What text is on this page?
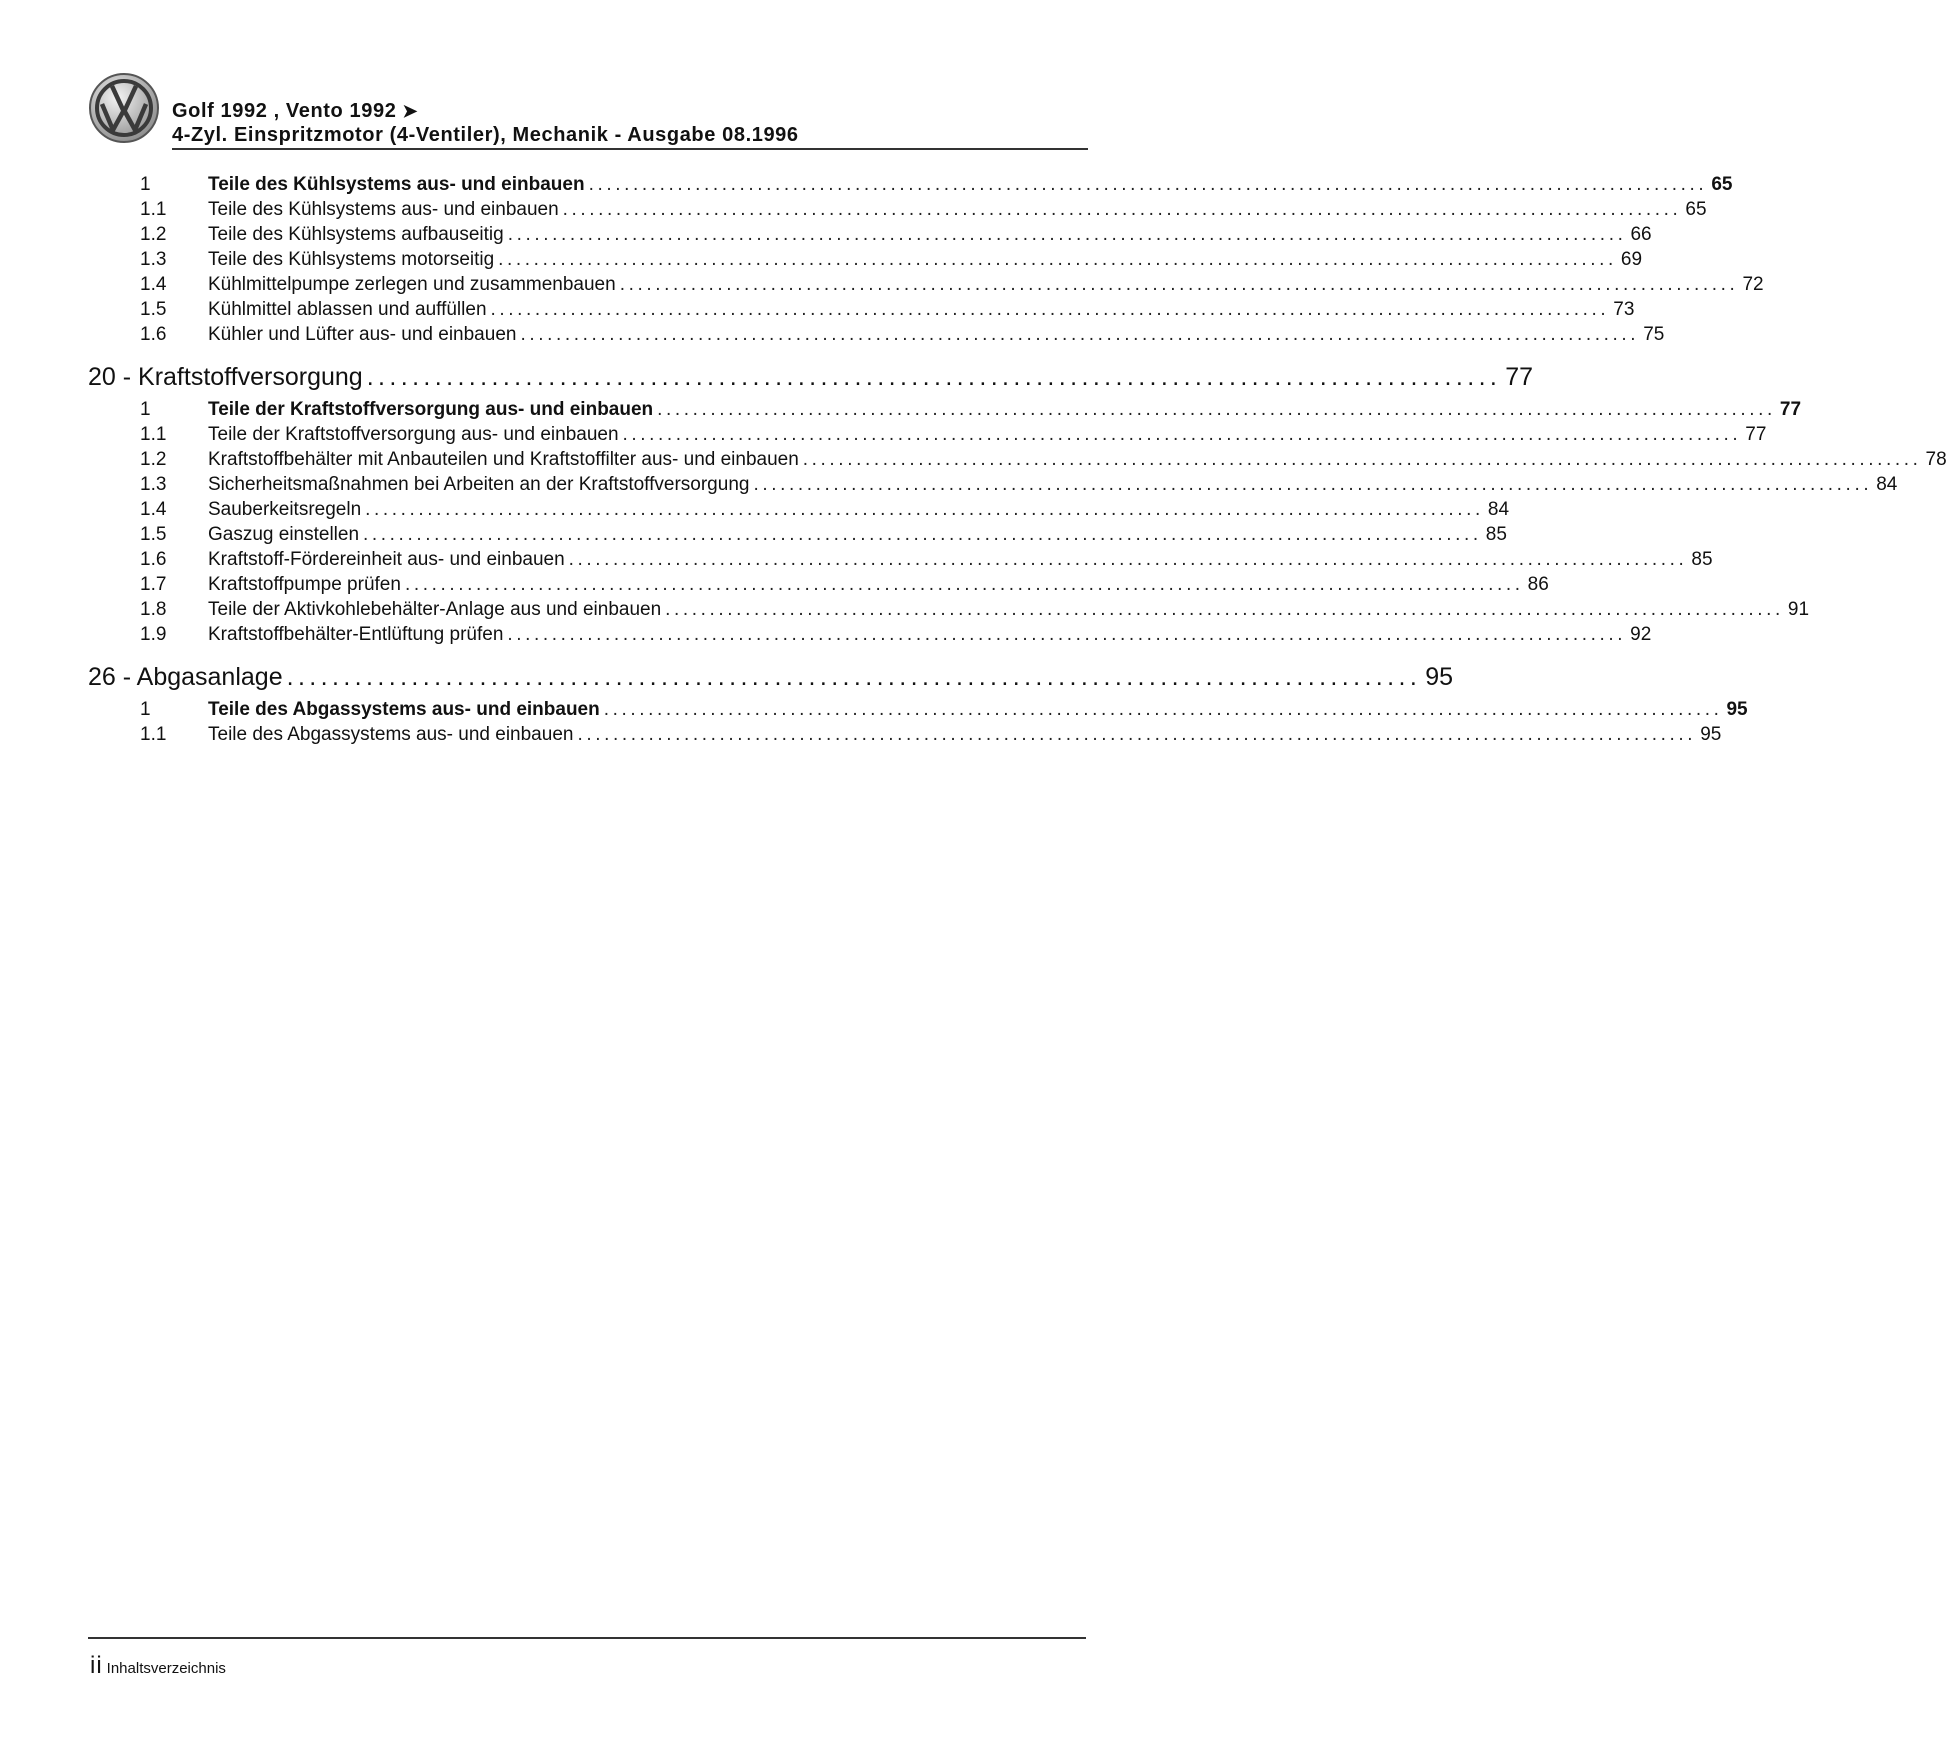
Golf 1992 , Vento 1992 ➤
4-Zyl. Einspritzmotor (4-Ventiler), Mechanik - Ausgabe 08.1996
1	Teile des Kühlsystems aus- und einbauen .............................................................................................................................. 65
1.1	Teile des Kühlsystems aus- und einbauen .............................................................................................................................. 65
1.2	Teile des Kühlsystems aufbauseitig .............................................................................................................................. 66
1.3	Teile des Kühlsystems motorseitig .............................................................................................................................. 69
1.4	Kühlmittelpumpe zerlegen und zusammenbauen .............................................................................................................................. 72
1.5	Kühlmittel ablassen und auffüllen .............................................................................................................................. 73
1.6	Kühler und Lüfter aus- und einbauen .............................................................................................................................. 75
20 - Kraftstoffversorgung .................................................................................................... 77
1	Teile der Kraftstoffversorgung aus- und einbauen .............................................................................................................................. 77
1.1	Teile der Kraftstoffversorgung aus- und einbauen .............................................................................................................................. 77
1.2	Kraftstoffbehälter mit Anbauteilen und Kraftstoffilter aus- und einbauen .............................................................................................................................. 78
1.3	Sicherheitsmaßnahmen bei Arbeiten an der Kraftstoffversorgung .............................................................................................................................. 84
1.4	Sauberkeitsregeln .............................................................................................................................. 84
1.5	Gaszug einstellen .............................................................................................................................. 85
1.6	Kraftstoff-Fördereinheit aus- und einbauen .............................................................................................................................. 85
1.7	Kraftstoffpumpe prüfen .............................................................................................................................. 86
1.8	Teile der Aktivkohlebehälter-Anlage aus und einbauen .............................................................................................................................. 91
1.9	Kraftstoffbehälter-Entlüftung prüfen .............................................................................................................................. 92
26 - Abgasanlage .................................................................................................... 95
1	Teile des Abgassystems aus- und einbauen .............................................................................................................................. 95
1.1	Teile des Abgassystems aus- und einbauen .............................................................................................................................. 95
ii Inhaltsverzeichnis
